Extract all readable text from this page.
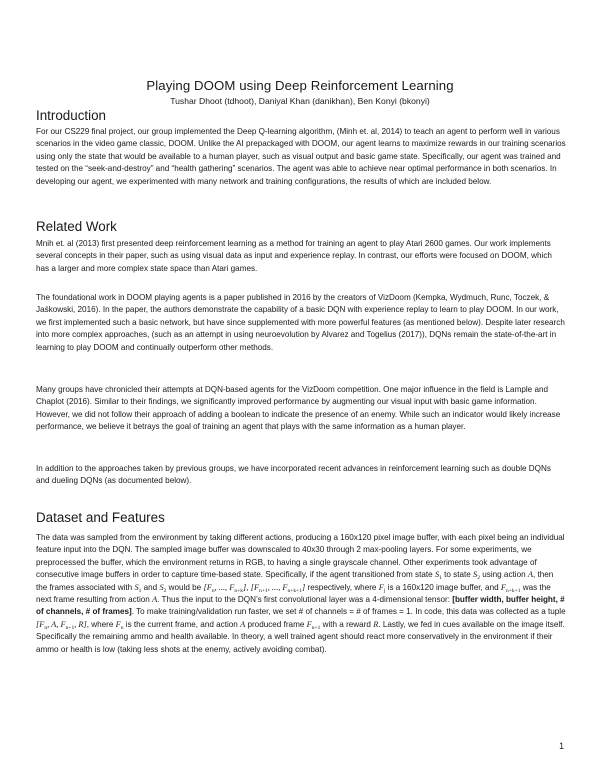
Playing DOOM using Deep Reinforcement Learning
Tushar Dhoot (tdhoot), Daniyal Khan (danikhan), Ben Konyi (bkonyi)
Introduction

For our CS229 final project, our group implemented the Deep Q-learning algorithm, (Minh et. al, 2014) to teach an agent to perform well in various scenarios in the video game classic, DOOM. Unlike the AI prepackaged with DOOM, our agent learns to maximize rewards in our training scenarios using only the state that would be available to a human player, such as visual output and basic game state. Specifically, our agent was trained and tested on the “seek-and-destroy” and “health gathering” scenarios. The agent was able to achieve near optimal performance in both scenarios. In developing our agent, we experimented with many network and training configurations, the results of which are included below.

Related Work

Mnih et. al (2013) first presented deep reinforcement learning as a method for training an agent to play Atari 2600 games. Our work implements several concepts in their paper, such as using visual data as input and experience replay. In contrast, our efforts were focused on DOOM, which has a larger and more complex state space than Atari games.

The foundational work in DOOM playing agents is a paper published in 2016 by the creators of VizDoom (Kempka, Wydmuch, Runc, Toczek, & Jaśkowski, 2016). In the paper, the authors demonstrate the capability of a basic DQN with experience replay to learn to play DOOM. In our work, we first implemented such a basic network, but have since supplemented with more powerful features (as mentioned below). Despite later research into more complex approaches, (such as an attempt in using neuroevolution by Alvarez and Togelius (2017)), DQNs remain the state-of-the-art in learning to play DOOM and continually outperform other methods.

Many groups have chronicled their attempts at DQN-based agents for the VizDoom competition. One major influence in the field is Lample and Chaplot (2016). Similar to their findings, we significantly improved performance by augmenting our visual input with basic game information. However, we did not follow their approach of adding a boolean to indicate the presence of an enemy. While such an indicator would likely increase performance, we believe it betrays the goal of training an agent that plays with the same information as a human player.

In addition to the approaches taken by previous groups, we have incorporated recent advances in reinforcement learning such as double DQNs and dueling DQNs (as documented below).

Dataset and Features

The data was sampled from the environment by taking different actions, producing a 160x120 pixel image buffer, with each pixel being an individual feature input into the DQN. The sampled image buffer was downscaled to 40x30 through 2 max-pooling layers. For some experiments, we preprocessed the buffer, which the environment returns in RGB, to having a single grayscale channel. Other experiments took advantage of consecutive image buffers in order to capture time-based state. Specifically, if the agent transitioned from state $S_1$ to state $S_2$ using action A, then the frames associated with $S_1$ and $S_2$ would be [$F_n$, ..., $F_{n+k}$], [$F_{n+1}$, ..., $F_{n+k+1}$] respectively, where $F_j$ is a 160x120 image buffer, and $F_{n+k+1}$ was the next frame resulting from action A. Thus the input to the DQN’s first convolutional layer was a 4-dimensional tensor: [buffer width, buffer height, # of channels, # of frames]. To make training/validation run faster, we set # of channels = # of frames = 1. In code, this data was collected as a tuple [$F_n$, A, $F_{n+1}$, R], where $F_n$ is the current frame, and action A produced frame $F_{n+1}$ with a reward R. Lastly, we fed in cues available on the image itself. Specifically the remaining ammo and health available. In theory, a well trained agent should react more conservatively in the environment if their ammo or health is low (taking less shots at the enemy, actively avoiding combat).

1
